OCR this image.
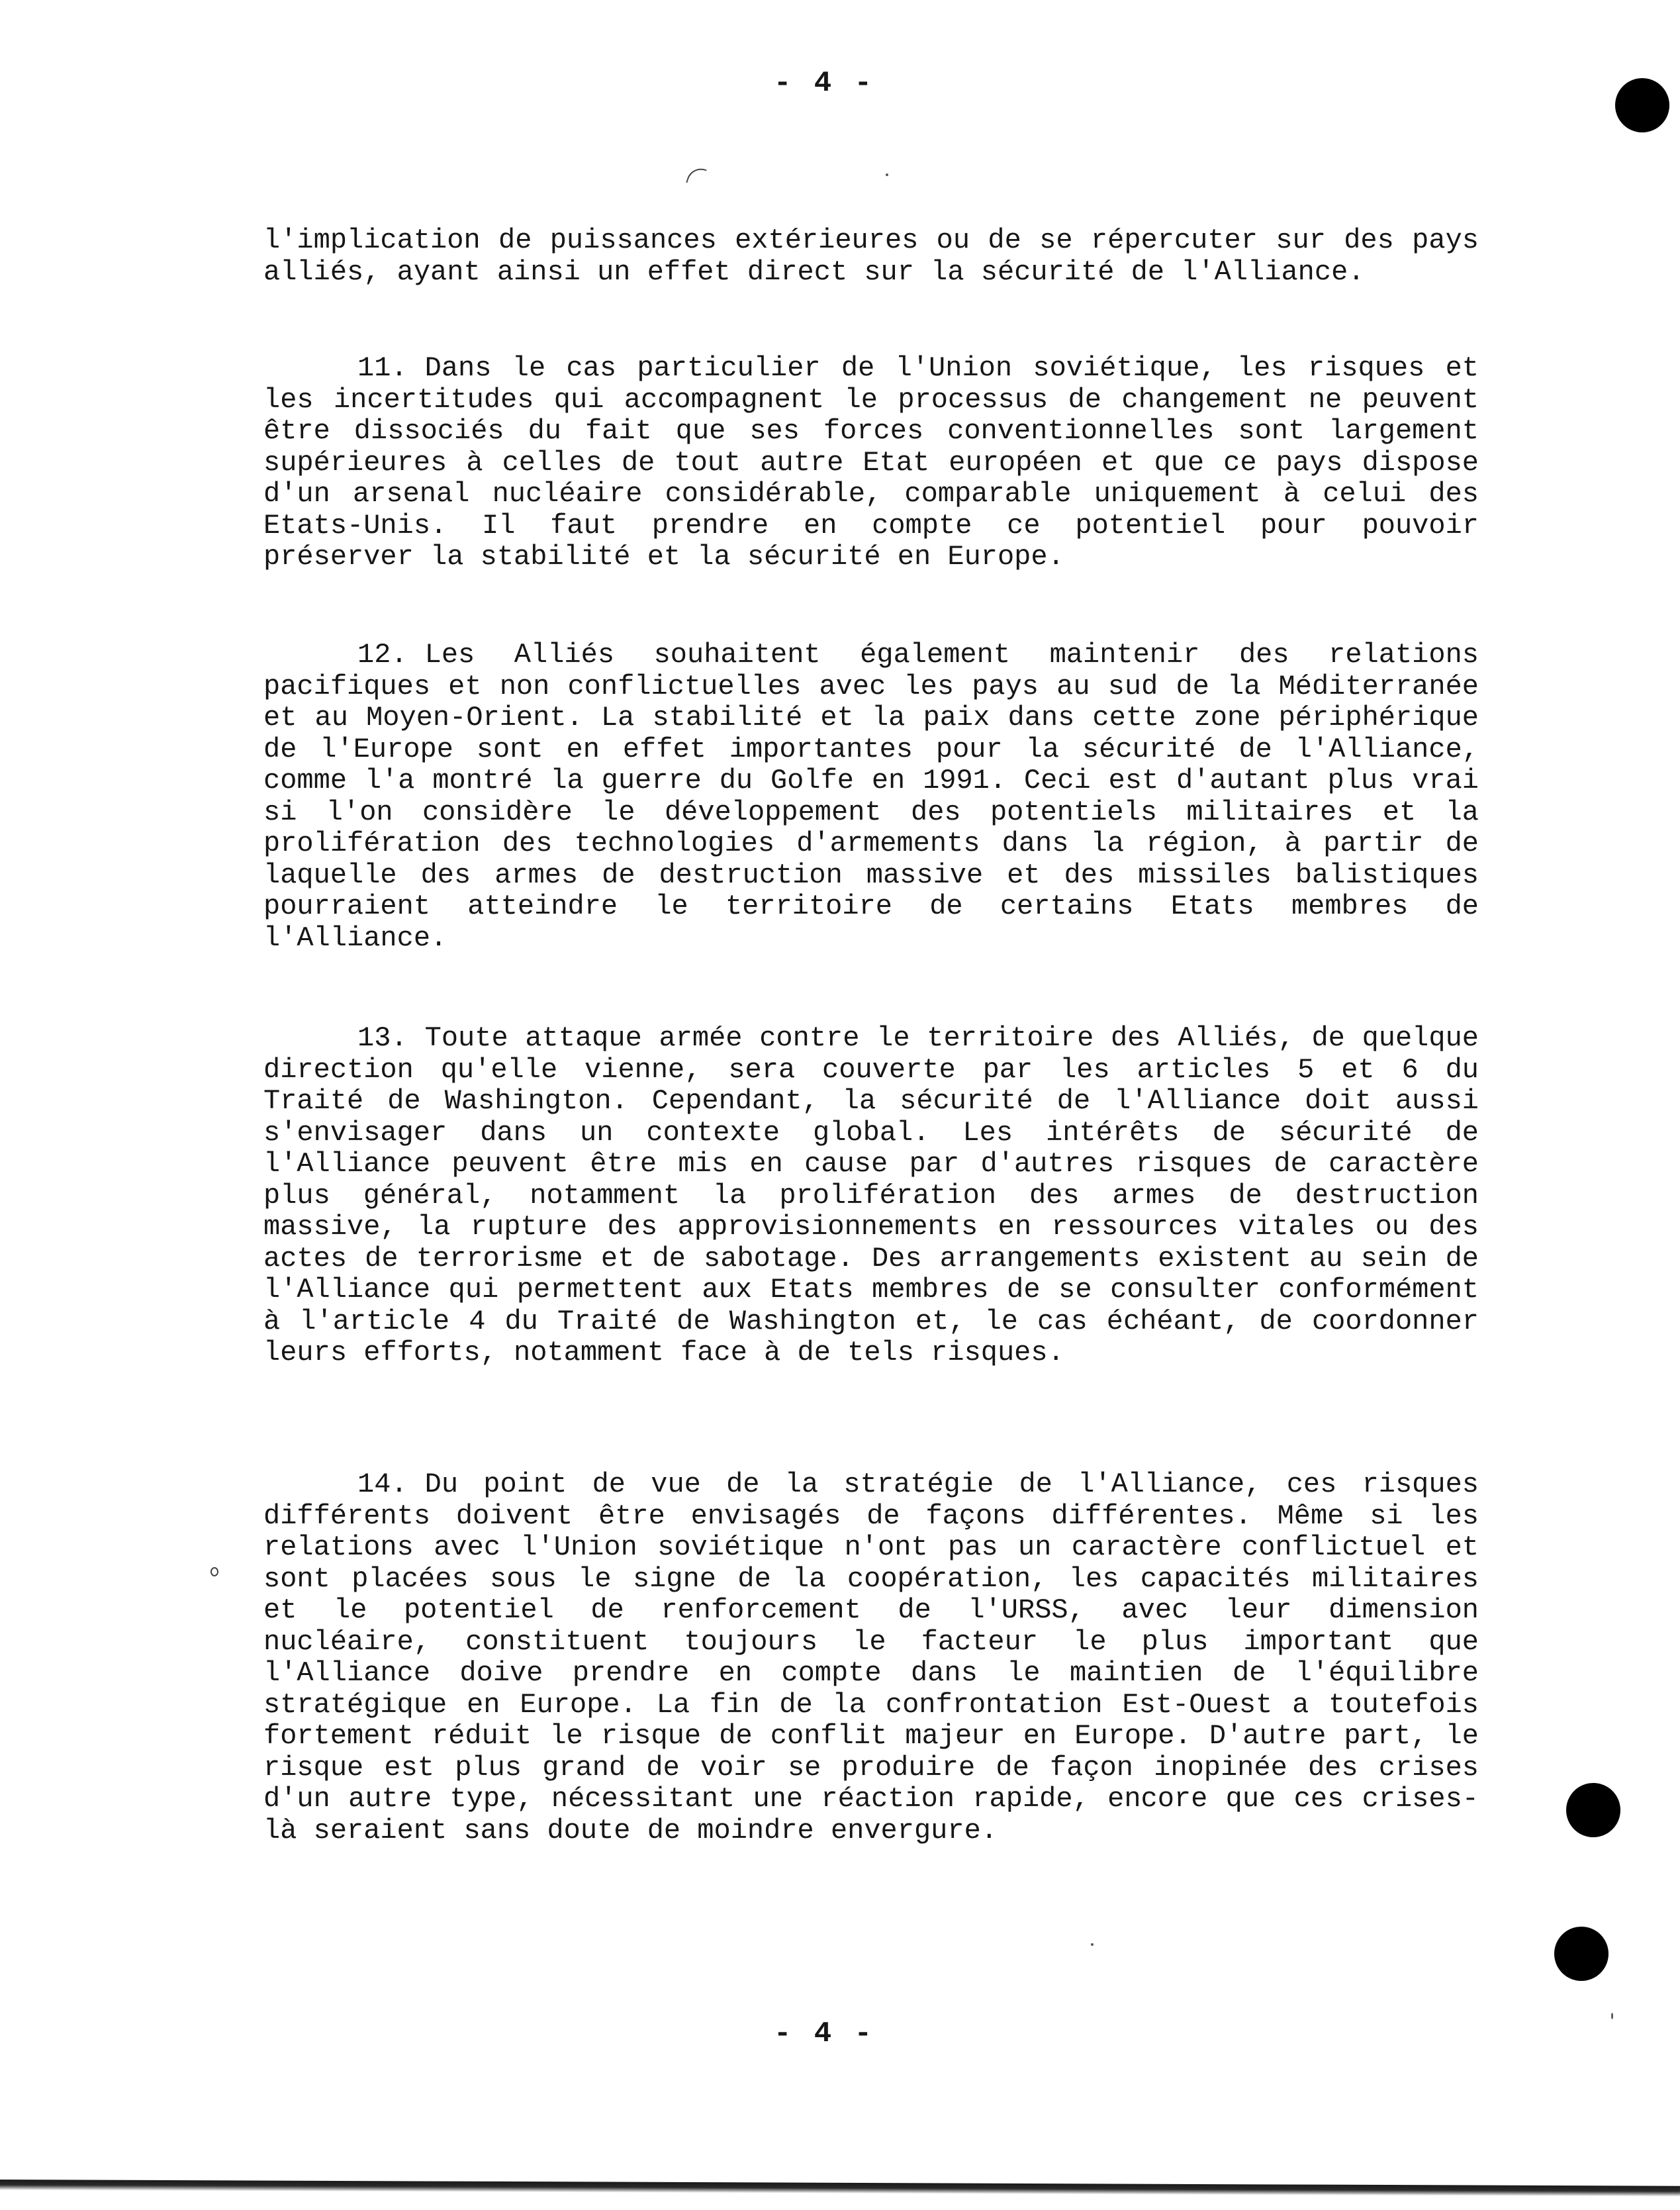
- 4 -
l'implication de puissances extérieures ou de se répercuter sur des pays alliés, ayant ainsi un effet direct sur la sécurité de l'Alliance.
11. Dans le cas particulier de l'Union soviétique, les risques et les incertitudes qui accompagnent le processus de changement ne peuvent être dissociés du fait que ses forces conventionnelles sont largement supérieures à celles de tout autre Etat européen et que ce pays dispose d'un arsenal nucléaire considérable, comparable uniquement à celui des Etats-Unis. Il faut prendre en compte ce potentiel pour pouvoir préserver la stabilité et la sécurité en Europe.
12. Les Alliés souhaitent également maintenir des relations pacifiques et non conflictuelles avec les pays au sud de la Méditerranée et au Moyen-Orient. La stabilité et la paix dans cette zone périphérique de l'Europe sont en effet importantes pour la sécurité de l'Alliance, comme l'a montré la guerre du Golfe en 1991. Ceci est d'autant plus vrai si l'on considère le développement des potentiels militaires et la prolifération des technologies d'armements dans la région, à partir de laquelle des armes de destruction massive et des missiles balistiques pourraient atteindre le territoire de certains Etats membres de l'Alliance.
13. Toute attaque armée contre le territoire des Alliés, de quelque direction qu'elle vienne, sera couverte par les articles 5 et 6 du Traité de Washington. Cependant, la sécurité de l'Alliance doit aussi s'envisager dans un contexte global. Les intérêts de sécurité de l'Alliance peuvent être mis en cause par d'autres risques de caractère plus général, notamment la prolifération des armes de destruction massive, la rupture des approvisionnements en ressources vitales ou des actes de terrorisme et de sabotage. Des arrangements existent au sein de l'Alliance qui permettent aux Etats membres de se consulter conformément à l'article 4 du Traité de Washington et, le cas échéant, de coordonner leurs efforts, notamment face à de tels risques.
14. Du point de vue de la stratégie de l'Alliance, ces risques différents doivent être envisagés de façons différentes. Même si les relations avec l'Union soviétique n'ont pas un caractère conflictuel et sont placées sous le signe de la coopération, les capacités militaires et le potentiel de renforcement de l'URSS, avec leur dimension nucléaire, constituent toujours le facteur le plus important que l'Alliance doive prendre en compte dans le maintien de l'équilibre stratégique en Europe. La fin de la confrontation Est-Ouest a toutefois fortement réduit le risque de conflit majeur en Europe. D'autre part, le risque est plus grand de voir se produire de façon inopinée des crises d'un autre type, nécessitant une réaction rapide, encore que ces crises-là seraient sans doute de moindre envergure.
- 4 -
